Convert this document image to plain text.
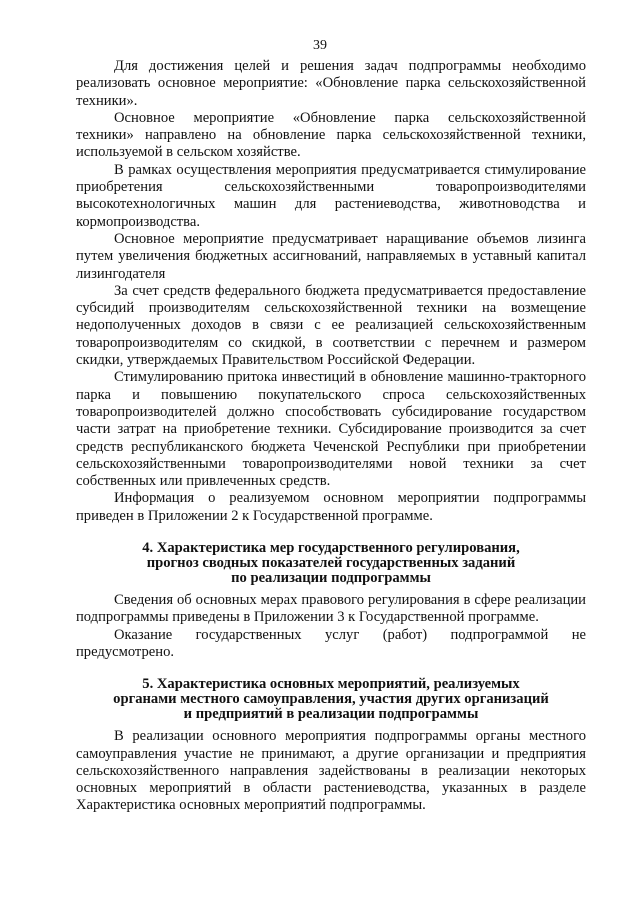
39

Для достижения целей и решения задач подпрограммы необходимо реализовать основное мероприятие: «Обновление парка сельскохозяйственной техники».

Основное мероприятие «Обновление парка сельскохозяйственной техники» направлено на обновление парка сельскохозяйственной техники, используемой в сельском хозяйстве.

В рамках осуществления мероприятия предусматривается стимулирование приобретения сельскохозяйственными товаропроизводителями высокотехнологичных машин для растениеводства, животноводства и кормопроизводства.

Основное мероприятие предусматривает наращивание объемов лизинга путем увеличения бюджетных ассигнований, направляемых в уставный капитал лизингодателя

За счет средств федерального бюджета предусматривается предоставление субсидий производителям сельскохозяйственной техники на возмещение недополученных доходов в связи с ее реализацией сельскохозяйственным товаропроизводителям со скидкой, в соответствии с перечнем и размером скидки, утверждаемых Правительством Российской Федерации.

Стимулированию притока инвестиций в обновление машинно-тракторного парка и повышению покупательского спроса сельскохозяйственных товаропроизводителей должно способствовать субсидирование государством части затрат на приобретение техники. Субсидирование производится за счет средств республиканского бюджета Чеченской Республики при приобретении сельскохозяйственными товаропроизводителями новой техники за счет собственных или привлеченных средств.

Информация о реализуемом основном мероприятии подпрограммы приведен в Приложении 2 к Государственной программе.

4. Характеристика мер государственного регулирования,
прогноз сводных показателей государственных заданий
по реализации подпрограммы

Сведения об основных мерах правового регулирования в сфере реализации подпрограммы приведены в Приложении 3 к Государственной программе.

Оказание государственных услуг (работ) подпрограммой не предусмотрено.

5. Характеристика основных мероприятий, реализуемых
органами местного самоуправления, участия других организаций
и предприятий в реализации подпрограммы

В реализации основного мероприятия подпрограммы органы местного самоуправления участие не принимают, а другие организации и предприятия сельскохозяйственного направления задействованы в реализации некоторых основных мероприятий в области растениеводства, указанных в разделе Характеристика основных мероприятий подпрограммы.
